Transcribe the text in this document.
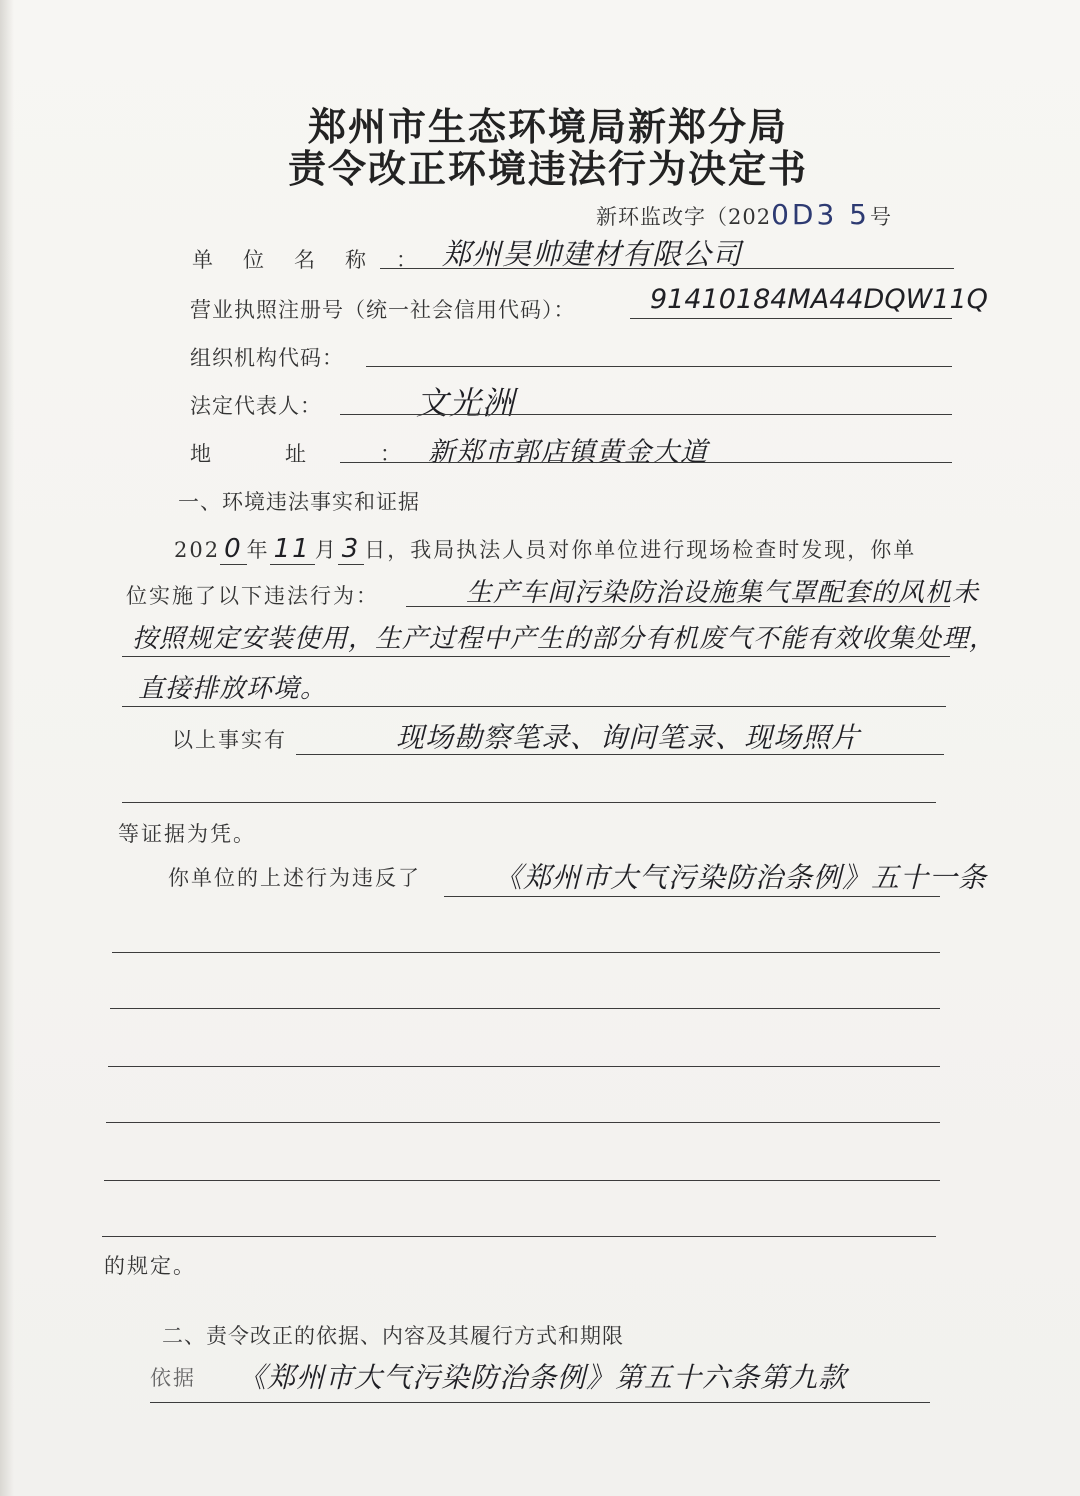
郑州市生态环境局新郑分局
责令改正环境违法行为决定书
新环监改字（2020D3 5号
单位名称：
郑州昊帅建材有限公司
营业执照注册号（统一社会信用代码）：	91410184MA44DQW11Q
组织机构代码：
法定代表人：	文光洲
地址：
新郑市郭店镇黄金大道
一、环境违法事实和证据
202 0 年 11 月 3 日，我局执法人员对你单位进行现场检查时发现，你单
位实施了以下违法行为：	生产车间污染防治设施集气罩配套的风机未
按照规定安装使用，生产过程中产生的部分有机废气不能有效收集处理，
直接排放环境。
以上事实有	现场勘察笔录、询问笔录、现场照片
等证据为凭。
你单位的上述行为违反了	《郑州市大气污染防治条例》五十一条
的规定。
二、责令改正的依据、内容及其履行方式和期限
依据 《郑州市大气污染防治条例》第五十六条第九款
